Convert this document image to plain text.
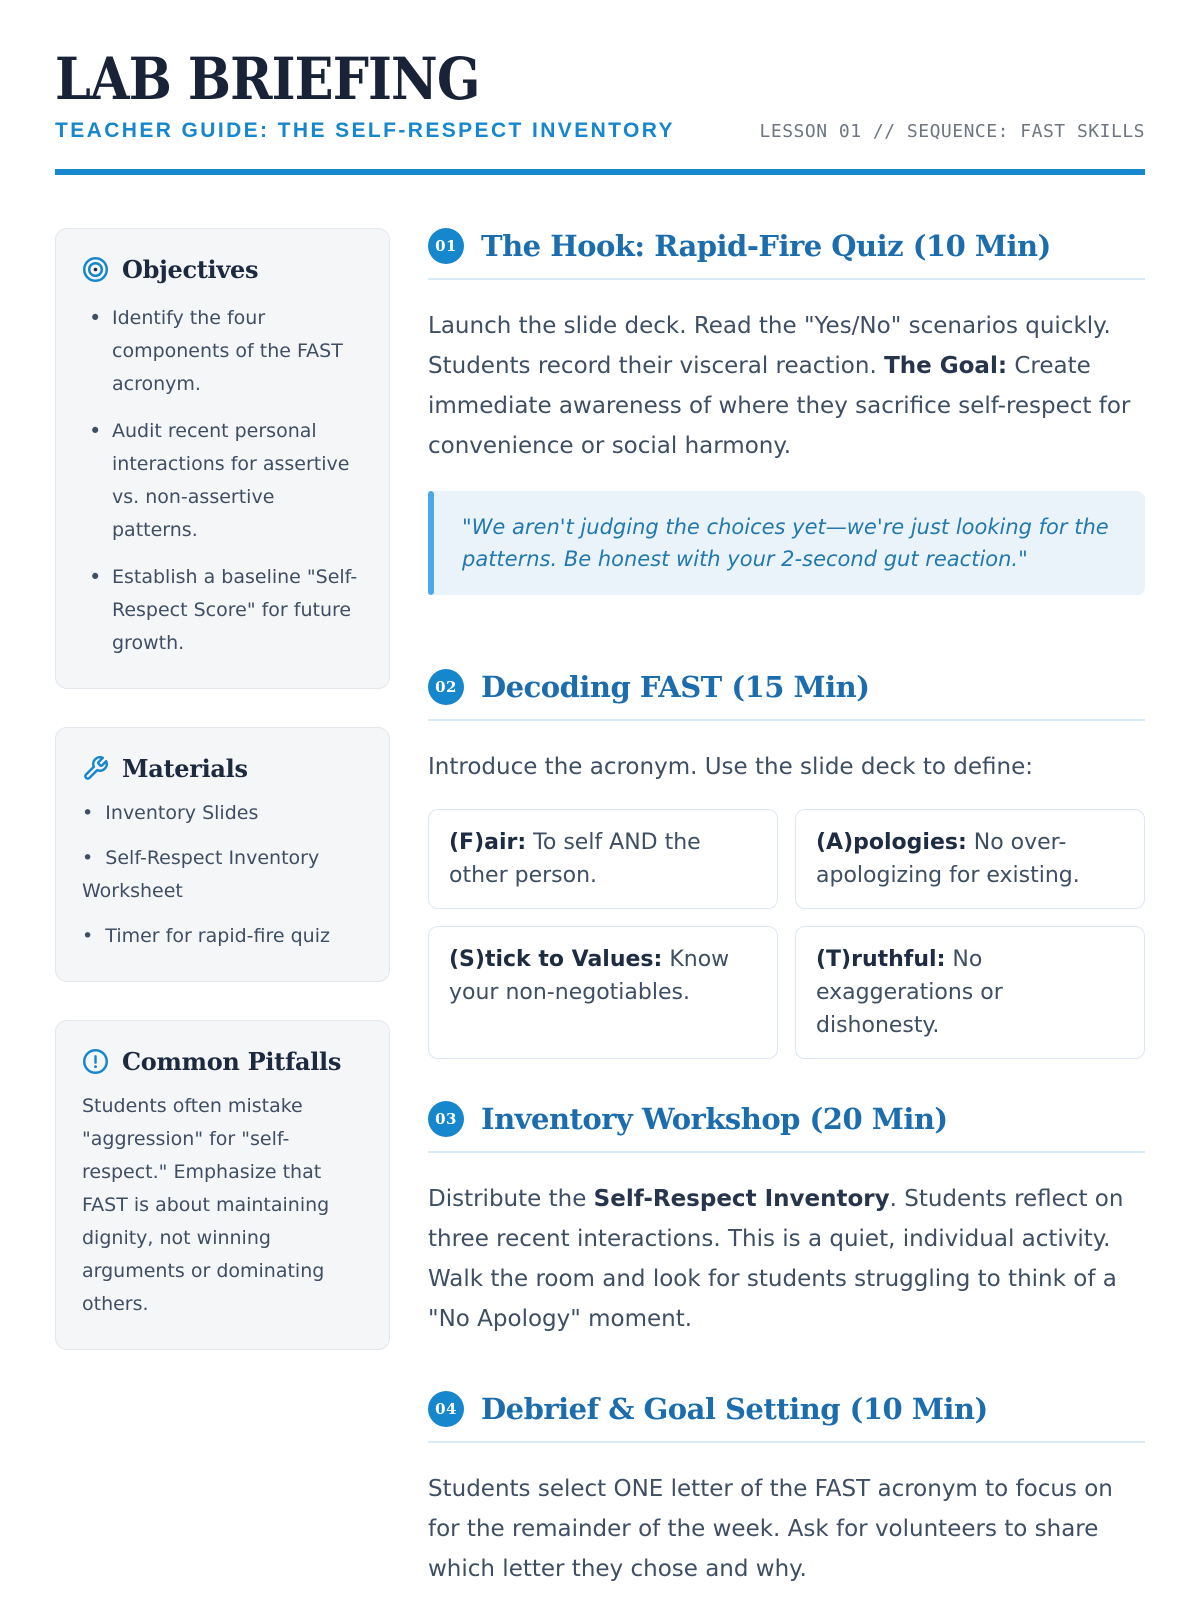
LAB BRIEFING
TEACHER GUIDE: THE SELF-RESPECT INVENTORY	LESSON 01 // SEQUENCE: FAST SKILLS
Objectives
• Identify the four components of the FAST acronym.
• Audit recent personal interactions for assertive vs. non-assertive patterns.
• Establish a baseline "Self-Respect Score" for future growth.
Materials
•  Inventory Slides
•  Self-Respect Inventory Worksheet
•  Timer for rapid-fire quiz
Common Pitfalls
Students often mistake "aggression" for "self-respect." Emphasize that FAST is about maintaining dignity, not winning arguments or dominating others.
01 The Hook: Rapid-Fire Quiz (10 Min)

Launch the slide deck. Read the "Yes/No" scenarios quickly. Students record their visceral reaction. The Goal: Create immediate awareness of where they sacrifice self-respect for convenience or social harmony.

"We aren't judging the choices yet—we're just looking for the patterns. Be honest with your 2-second gut reaction."
02 Decoding FAST (15 Min)

Introduce the acronym. Use the slide deck to define:

(F)air: To self AND the other person.
(A)pologies: No over-apologizing for existing.
(S)tick to Values: Know your non-negotiables.
(T)ruthful: No exaggerations or dishonesty.
03 Inventory Workshop (20 Min)

Distribute the Self-Respect Inventory. Students reflect on three recent interactions. This is a quiet, individual activity. Walk the room and look for students struggling to think of a "No Apology" moment.

04 Debrief & Goal Setting (10 Min)

Students select ONE letter of the FAST acronym to focus on for the remainder of the week. Ask for volunteers to share which letter they chose and why.
